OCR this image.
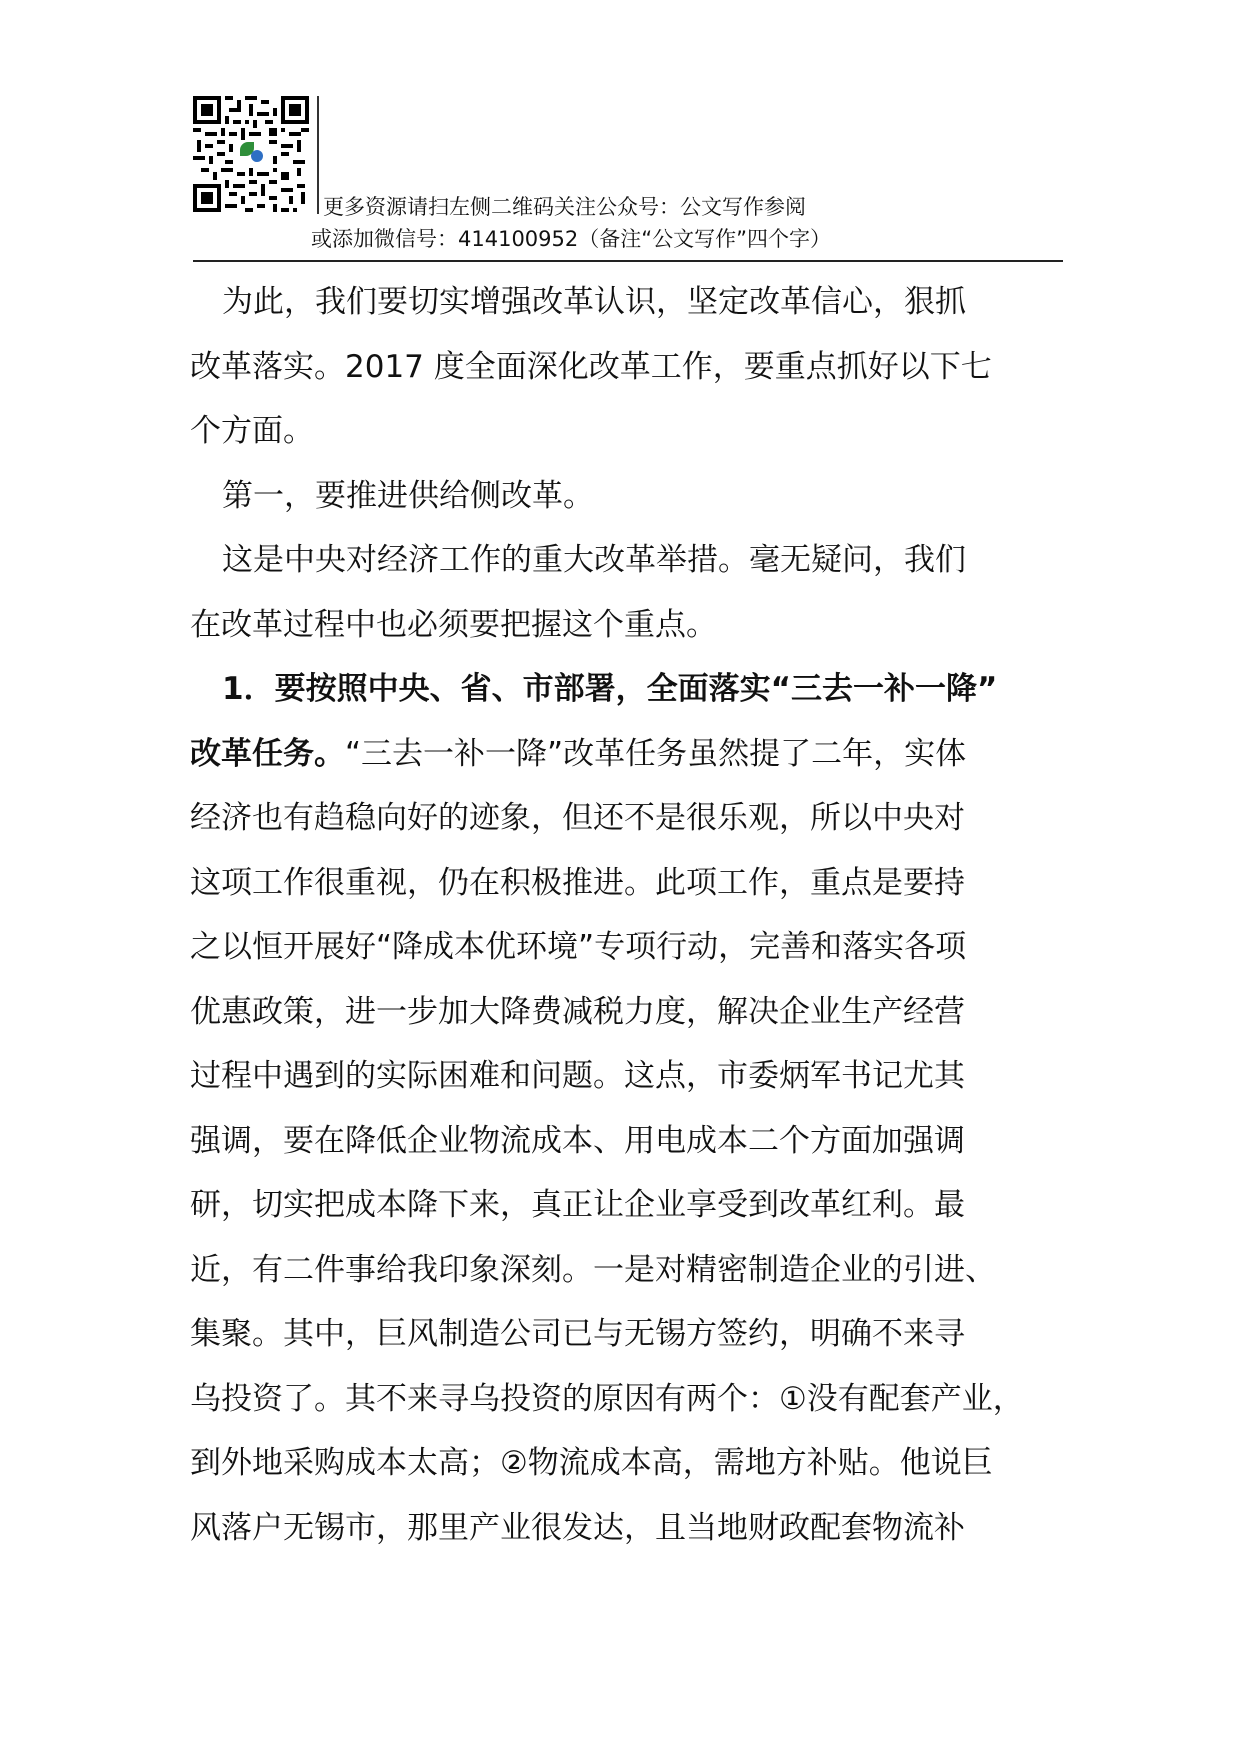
更多资源请扫左侧二维码关注公众号：公文写作参阅
或添加微信号：414100952（备注“公文写作”四个字）
为此，我们要切实增强改革认识，坚定改革信心，狠抓
改革落实。2017 度全面深化改革工作，要重点抓好以下七
个方面。
第一，要推进供给侧改革。
这是中央对经济工作的重大改革举措。毫无疑问，我们
在改革过程中也必须要把握这个重点。
1．要按照中央、省、市部署，全面落实“三去一补一降”
改革任务。“三去一补一降”改革任务虽然提了二年，实体
经济也有趋稳向好的迹象，但还不是很乐观，所以中央对
这项工作很重视，仍在积极推进。此项工作，重点是要持
之以恒开展好“降成本优环境”专项行动，完善和落实各项
优惠政策，进一步加大降费减税力度，解决企业生产经营
过程中遇到的实际困难和问题。这点，市委炳军书记尤其
强调，要在降低企业物流成本、用电成本二个方面加强调
研，切实把成本降下来，真正让企业享受到改革红利。最
近，有二件事给我印象深刻。一是对精密制造企业的引进、
集聚。其中，巨风制造公司已与无锡方签约，明确不来寻
乌投资了。其不来寻乌投资的原因有两个：①没有配套产业，
到外地采购成本太高；②物流成本高，需地方补贴。他说巨
风落户无锡市，那里产业很发达，且当地财政配套物流补
